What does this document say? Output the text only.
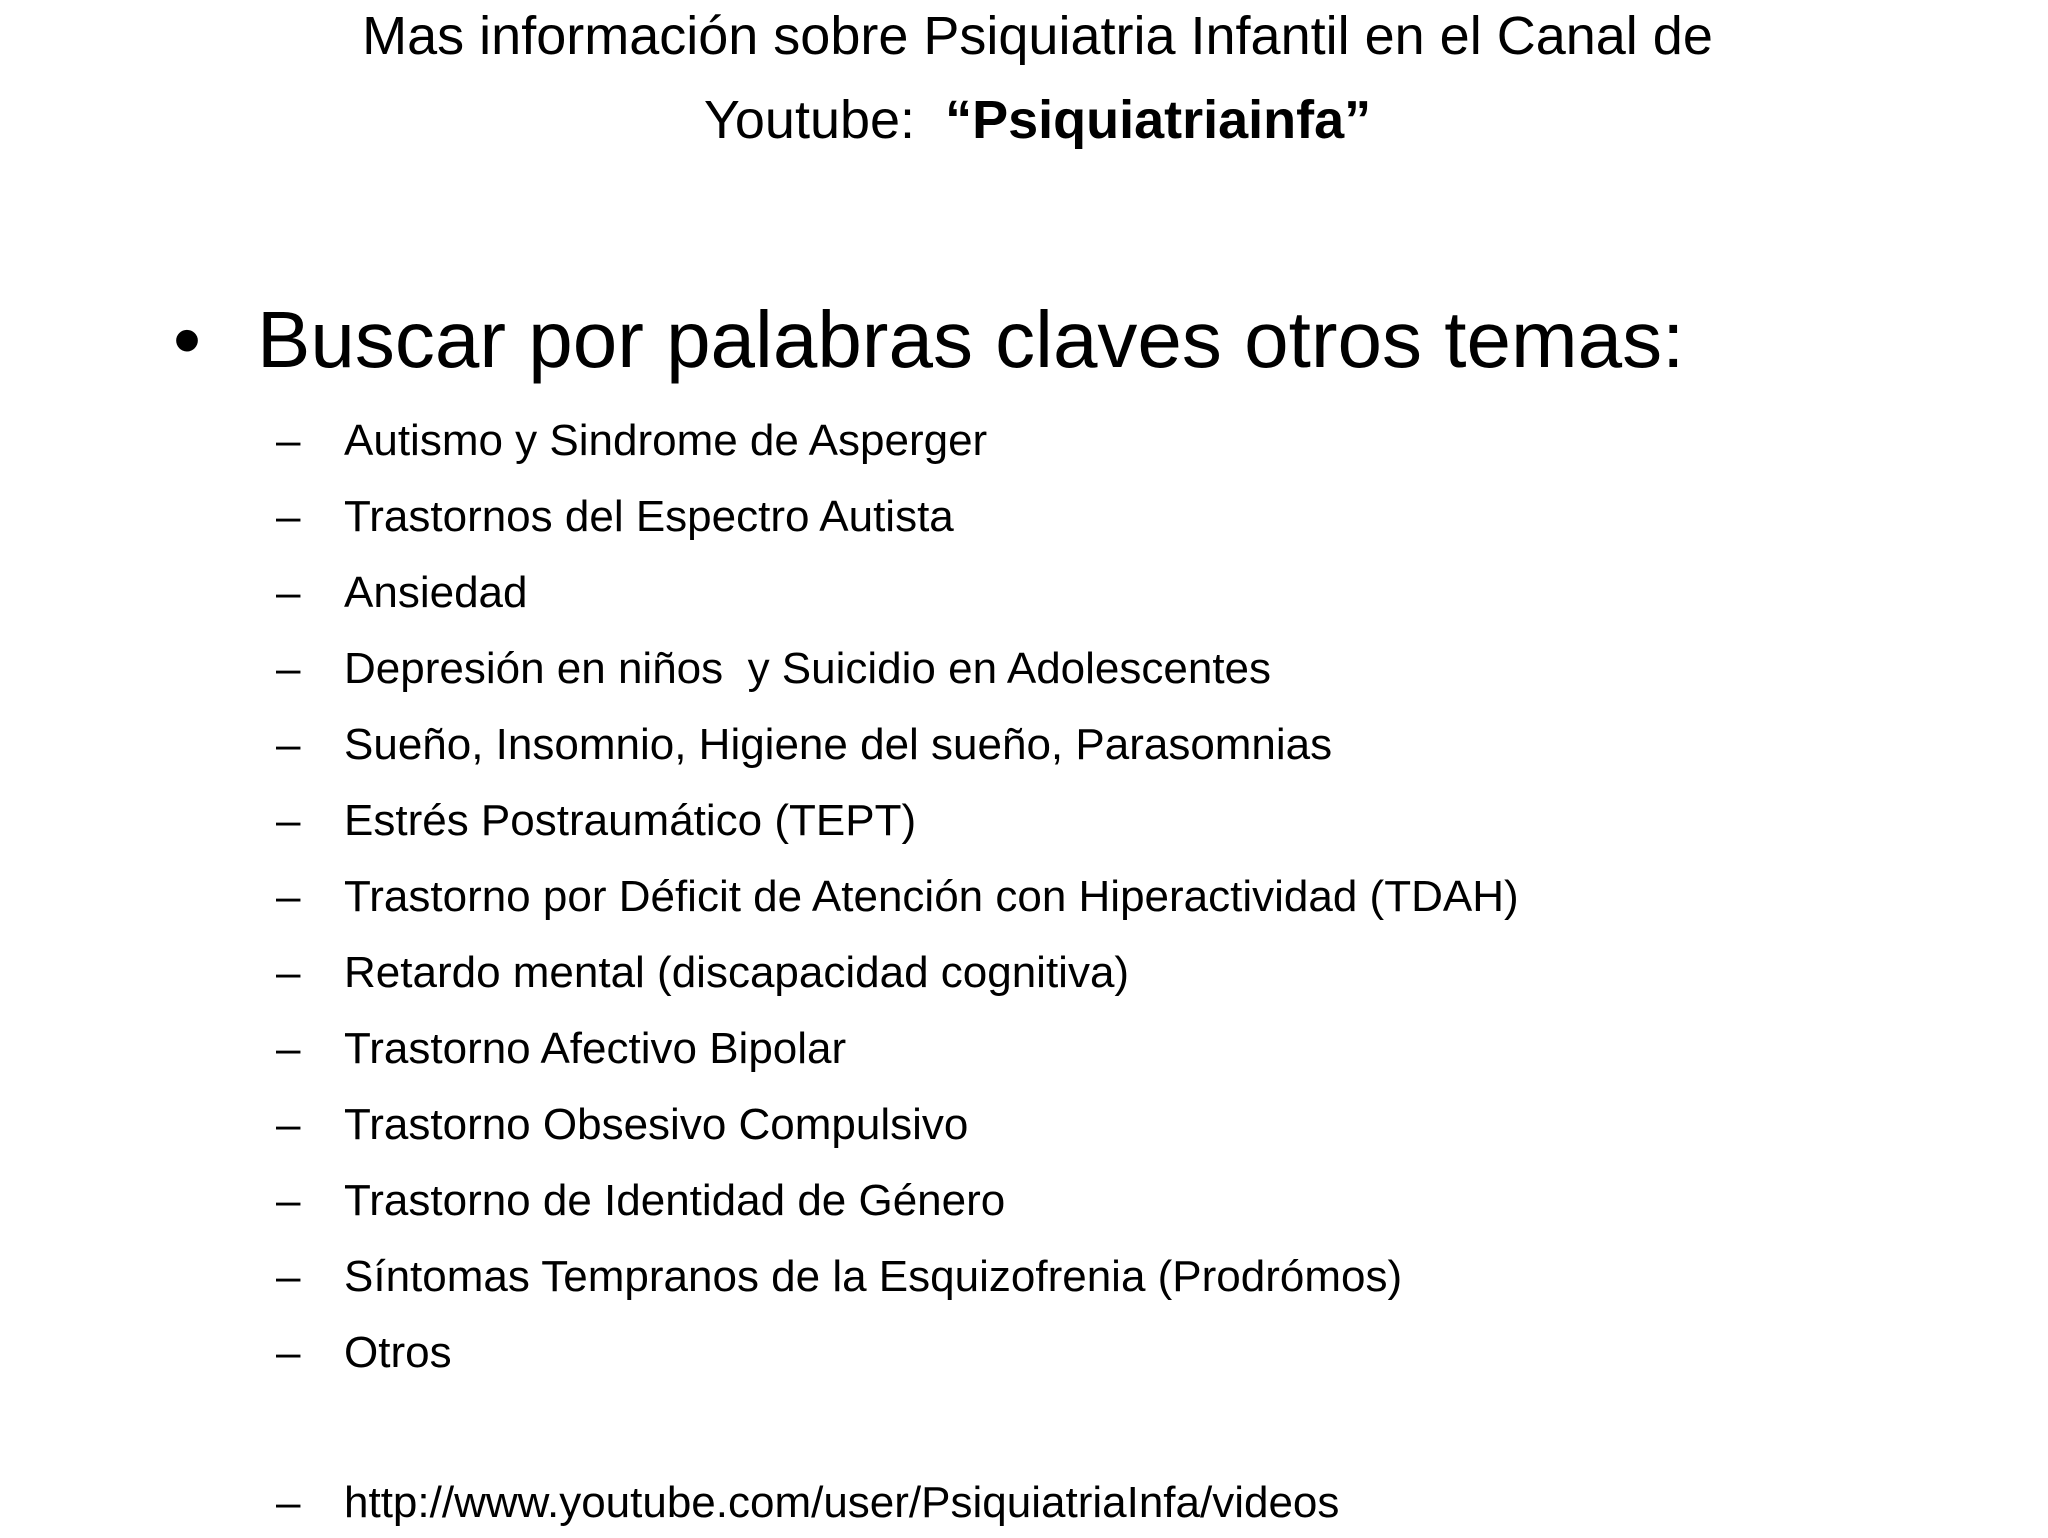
Mas información sobre Psiquiatria Infantil en el Canal de
Youtube:  “Psiquiatriainfa”
• Buscar por palabras claves otros temas:
– Autismo y Sindrome de Asperger
– Trastornos del Espectro Autista
– Ansiedad
– Depresión en niños  y Suicidio en Adolescentes
– Sueño, Insomnio, Higiene del sueño, Parasomnias
– Estrés Postraumático (TEPT)
– Trastorno por Déficit de Atención con Hiperactividad (TDAH)
– Retardo mental (discapacidad cognitiva)
– Trastorno Afectivo Bipolar
– Trastorno Obsesivo Compulsivo
– Trastorno de Identidad de Género
– Síntomas Tempranos de la Esquizofrenia (Prodrómos)
– Otros
– http://www.youtube.com/user/PsiquiatriaInfa/videos
